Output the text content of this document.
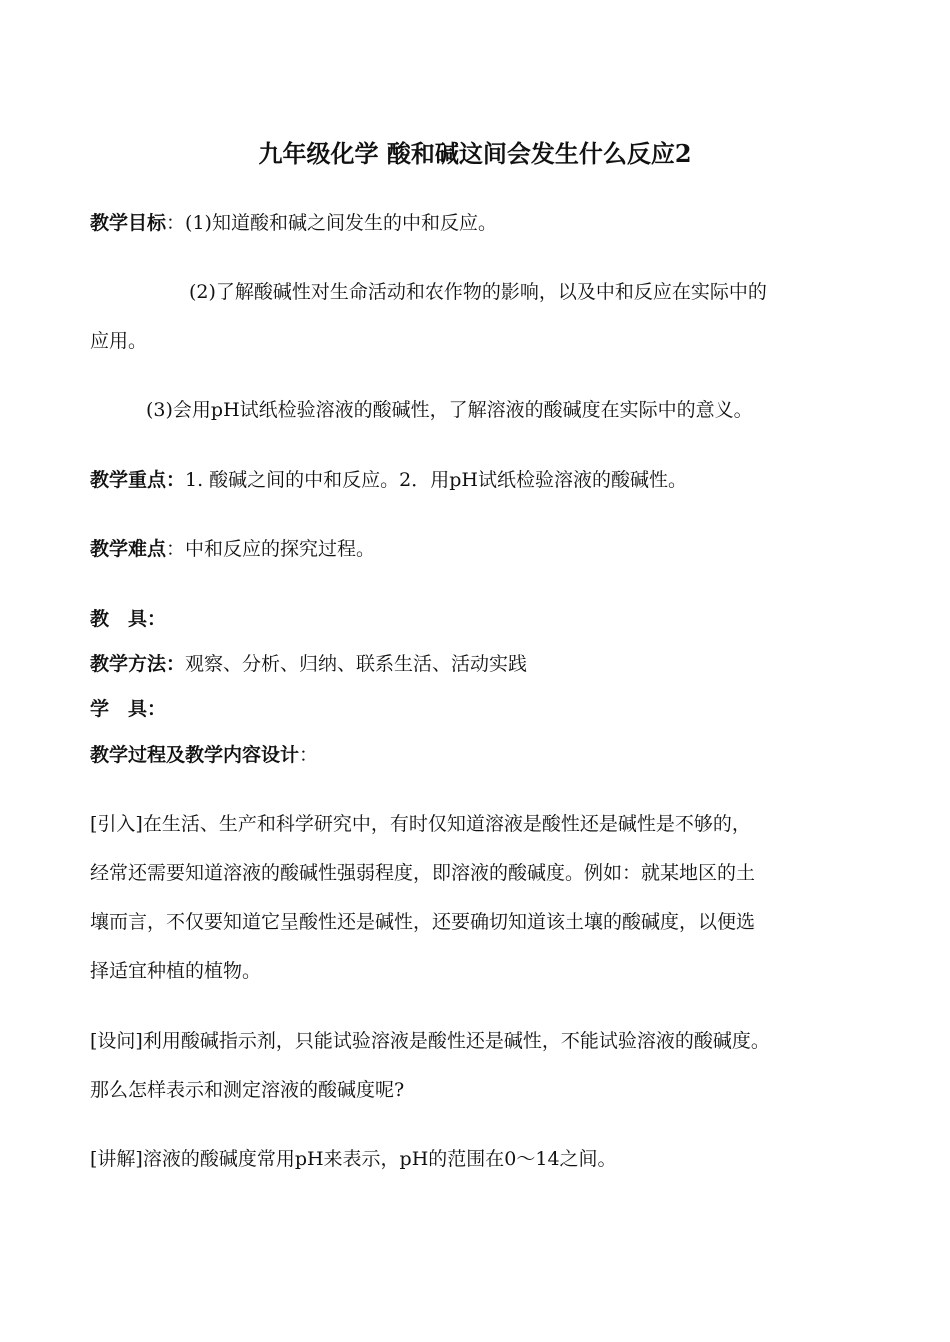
九年级化学 酸和碱这间会发生什么反应2
教学目标：(1)知道酸和碱之间发生的中和反应。
(2)了解酸碱性对生命活动和农作物的影响，以及中和反应在实际中的
应用。
(3)会用pH试纸检验溶液的酸碱性，了解溶液的酸碱度在实际中的意义。
教学重点：1. 酸碱之间的中和反应。2．用pH试纸检验溶液的酸碱性。
教学难点：中和反应的探究过程。
教　具：
教学方法：观察、分析、归纳、联系生活、活动实践
学　具：
教学过程及教学内容设计：
[引入]在生活、生产和科学研究中，有时仅知道溶液是酸性还是碱性是不够的，
经常还需要知道溶液的酸碱性强弱程度，即溶液的酸碱度。例如：就某地区的土
壤而言，不仅要知道它呈酸性还是碱性，还要确切知道该土壤的酸碱度，以便选
择适宜种植的植物。
[设问]利用酸碱指示剂，只能试验溶液是酸性还是碱性，不能试验溶液的酸碱度。
那么怎样表示和测定溶液的酸碱度呢?
[讲解]溶液的酸碱度常用pH来表示，pH的范围在0～14之间。
